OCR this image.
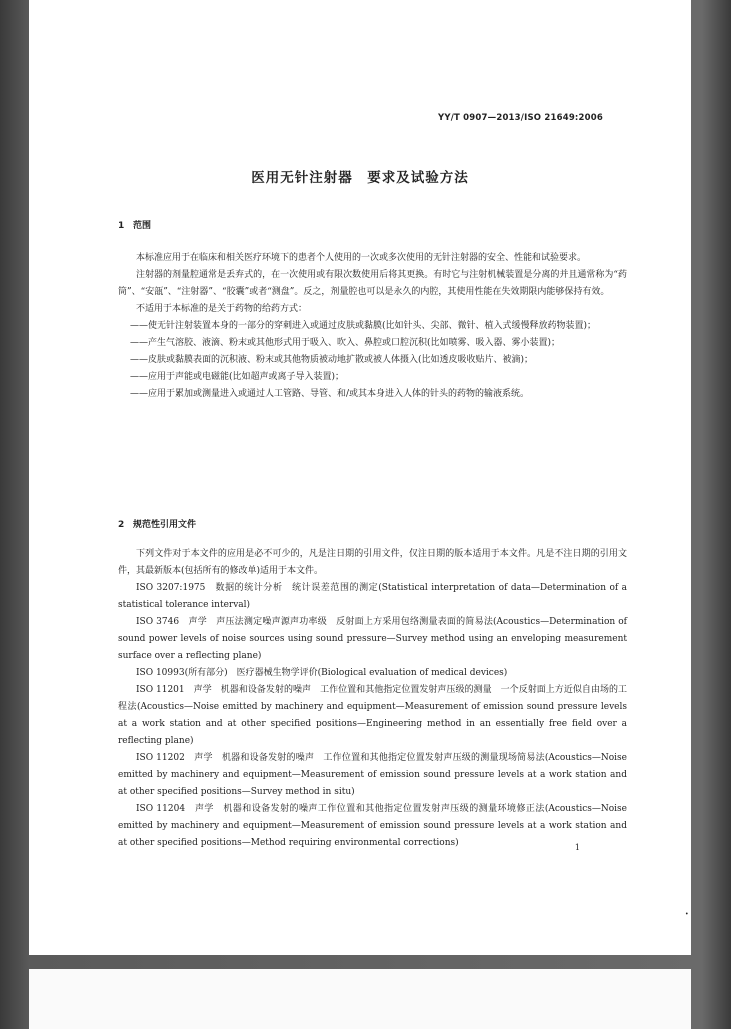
YY/T 0907—2013/ISO 21649:2006
医用无针注射器　要求及试验方法
1 范围

本标准应用于在临床和相关医疗环境下的患者个人使用的一次或多次使用的无针注射器的安全、性能和试验要求。

注射器的剂量腔通常是丢弃式的，在一次使用或有限次数使用后将其更换。有时它与注射机械装置是分离的并且通常称为“药筒”、“安瓿”、“注射器”、“胶囊”或者“测盘”。反之，剂量腔也可以是永久的内腔，其使用性能在失效期限内能够保持有效。

不适用于本标准的是关于药物的给药方式：

——使无针注射装置本身的一部分的穿刺进入或通过皮肤或黏膜(比如针头、尖部、微针、植入式缓慢释放药物装置)；

——产生气溶胶、液滴、粉末或其他形式用于吸入、吹入、鼻腔或口腔沉积(比如喷雾、吸入器、雾小装置)；

——皮肤或黏膜表面的沉积液、粉末或其他物质被动地扩散或被人体摄入(比如透皮吸收贴片、被滴)；

——应用于声能或电磁能(比如超声或离子导入装置)；

——应用于累加或测量进入或通过人工管路、导管、和/或其本身进入人体的针头的药物的输液系统。

2 规范性引用文件

下列文件对于本文件的应用是必不可少的，凡是注日期的引用文件，仅注日期的版本适用于本文件。凡是不注日期的引用文件，其最新版本(包括所有的修改单)适用于本文件。

ISO 3207:1975　数据的统计分析　统计误差范围的测定(Statistical interpretation of data—Determination of a statistical tolerance interval)

ISO 3746　声学　声压法测定噪声源声功率级　反射面上方采用包络测量表面的简易法(Acoustics—Determination of sound power levels of noise sources using sound pressure—Survey method using an enveloping measurement surface over a reflecting plane)

ISO 10993(所有部分)　医疗器械生物学评价(Biological evaluation of medical devices)

ISO 11201　声学　机器和设备发射的噪声　工作位置和其他指定位置发射声压级的测量　一个反射面上方近似自由场的工程法(Acoustics—Noise emitted by machinery and equipment—Measurement of emission sound pressure levels at a work station and at other specified positions—Engineering method in an essentially free field over a reflecting plane)

ISO 11202　声学　机器和设备发射的噪声　工作位置和其他指定位置发射声压级的测量现场简易法(Acoustics—Noise emitted by machinery and equipment—Measurement of emission sound pressure levels at a work station and at other specified positions—Survey method in situ)

ISO 11204　声学　机器和设备发射的噪声工作位置和其他指定位置发射声压级的测量环境修正法(Acoustics—Noise emitted by machinery and equipment—Measurement of emission sound pressure levels at a work station and at other specified positions—Method requiring environmental corrections)	1
•
